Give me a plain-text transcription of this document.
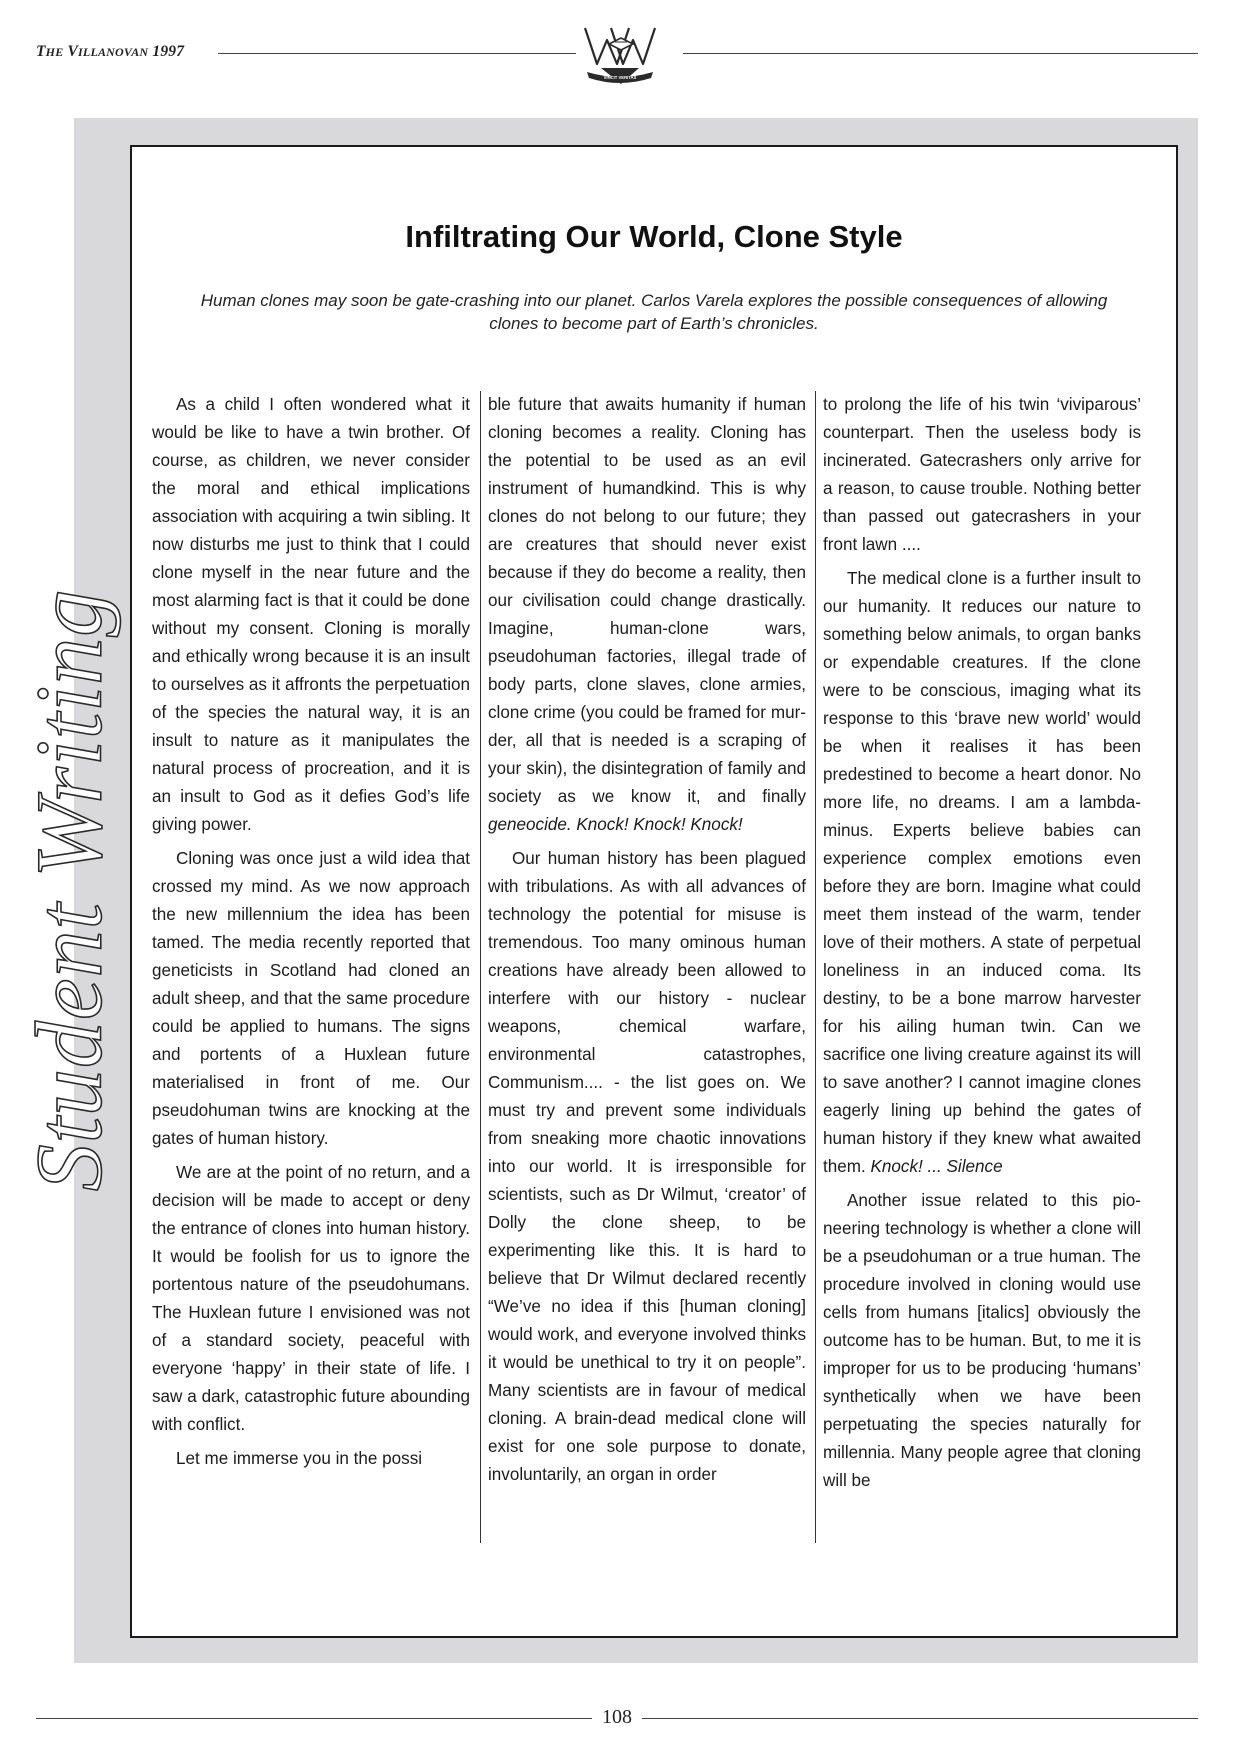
THE VILLANOVAN 1997
VINCIT VERITAS
Student Writing
Infiltrating Our World, Clone Style
Human clones may soon be gate-crashing into our planet. Carlos Varela explores the possible consequences of allowing clones to become part of Earth’s chronicles.

As a child I often wondered what it would be like to have a twin brother. Of course, as children, we never consider the moral and ethical implications association with acquiring a twin sibling. It now disturbs me just to think that I could clone myself in the near future and the most alarming fact is that it could be done without my consent. Cloning is morally and ethically wrong because it is an insult to ourselves as it affronts the perpetuation of the species the natural way, it is an insult to nature as it manipulates the natural process of procreation, and it is an insult to God as it defies God’s life giving power.

Cloning was once just a wild idea that crossed my mind. As we now approach the new millennium the idea has been tamed. The media recently reported that geneticists in Scotland had cloned an adult sheep, and that the same procedure could be applied to humans. The signs and portents of a Huxlean future materialised in front of me. Our pseudohuman twins are knocking at the gates of human history.

We are at the point of no return, and a decision will be made to accept or deny the entrance of clones into human history. It would be foolish for us to ignore the portentous nature of the pseudohumans. The Huxlean future I envisioned was not of a standard society, peaceful with everyone ‘happy’ in their state of life. I saw a dark, catastrophic future abounding with conflict.

Let me immerse you in the possi

ble future that awaits humanity if human cloning becomes a reality. Cloning has the potential to be used as an evil instrument of humandkind. This is why clones do not belong to our future; they are creatures that should never exist because if they do become a reality, then our civilisation could change drastically. Imagine, human-clone wars, pseudohuman factories, illegal trade of body parts, clone slaves, clone armies, clone crime (you could be framed for murder, all that is needed is a scraping of your skin), the disintegration of family and society as we know it, and finally geneocide. Knock! Knock! Knock!

Our human history has been plagued with tribulations. As with all advances of technology the potential for misuse is tremendous. Too many ominous human creations have already been allowed to interfere with our history - nuclear weapons, chemical warfare, environmental catastrophes, Communism.... - the list goes on. We must try and prevent some individuals from sneaking more chaotic innovations into our world. It is irresponsible for scientists, such as Dr Wilmut, ‘creator’ of Dolly the clone sheep, to be experimenting like this. It is hard to believe that Dr Wilmut declared recently “We’ve no idea if this [human cloning] would work, and everyone involved thinks it would be unethical to try it on people”. Many scientists are in favour of medical cloning. A brain-dead medical clone will exist for one sole purpose to donate, involuntarily, an organ in order

to prolong the life of his twin ‘viviparous’ counterpart. Then the useless body is incinerated. Gatecrashers only arrive for a reason, to cause trouble. Nothing better than passed out gatecrashers in your front lawn ....

The medical clone is a further insult to our humanity. It reduces our nature to something below animals, to organ banks or expendable creatures. If the clone were to be conscious, imaging what its response to this ‘brave new world’ would be when it realises it has been predestined to become a heart donor. No more life, no dreams. I am a lambda-minus. Experts believe babies can experience complex emotions even before they are born. Imagine what could meet them instead of the warm, tender love of their mothers. A state of perpetual loneliness in an induced coma. Its destiny, to be a bone marrow harvester for his ailing human twin. Can we sacrifice one living creature against its will to save another? I cannot imagine clones eagerly lining up behind the gates of human history if they knew what awaited them. Knock! ... Silence

Another issue related to this pioneering technology is whether a clone will be a pseudohuman or a true human. The procedure involved in cloning would use cells from humans [italics] obviously the outcome has to be human. But, to me it is improper for us to be producing ‘humans’ synthetically when we have been perpetuating the species naturally for millennia. Many people agree that cloning will be

108
